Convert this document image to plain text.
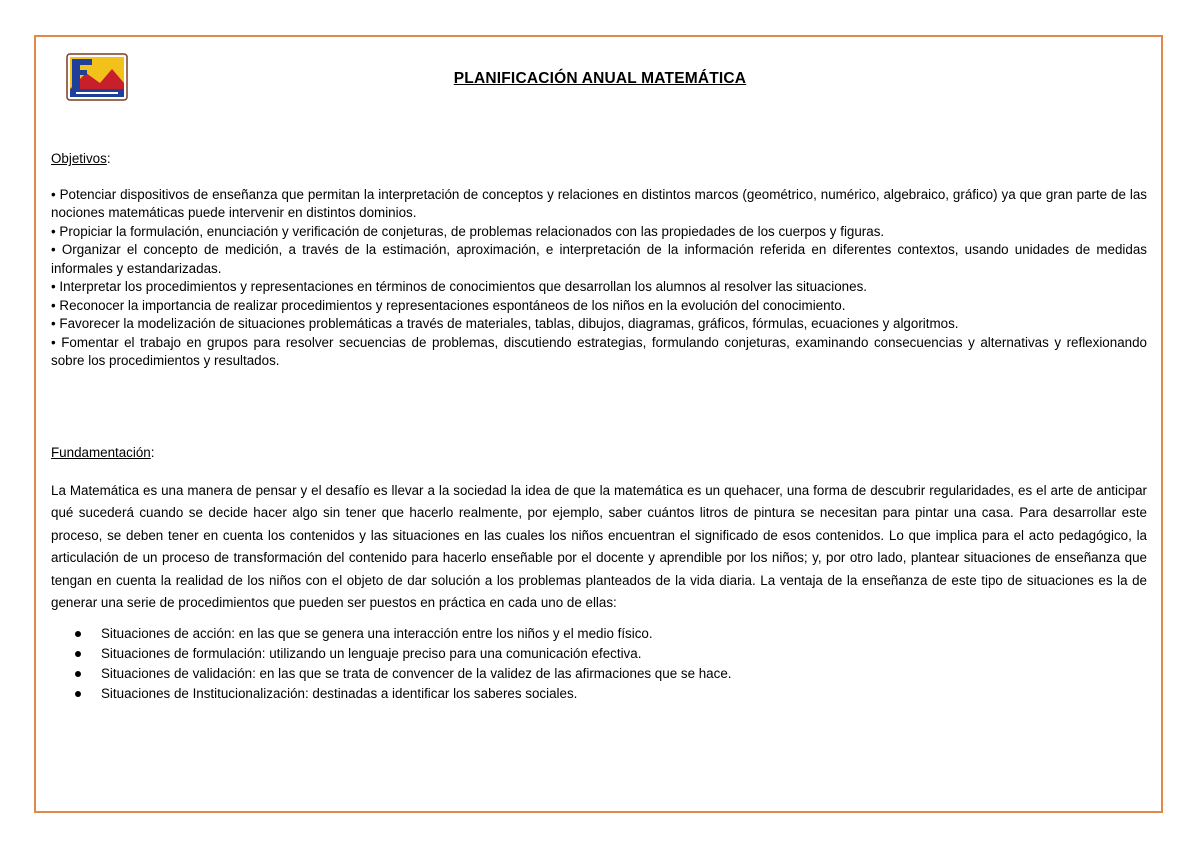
PLANIFICACIÓN ANUAL MATEMÁTICA

Objetivos:

• Potenciar dispositivos de enseñanza que permitan la interpretación de conceptos y relaciones en distintos marcos (geométrico, numérico, algebraico, gráfico) ya que gran parte de las nociones matemáticas puede intervenir en distintos dominios.
• Propiciar la formulación, enunciación y verificación de conjeturas, de problemas relacionados con las propiedades de los cuerpos y figuras.
• Organizar el concepto de medición, a través de la estimación, aproximación, e interpretación de la información referida en diferentes contextos, usando unidades de medidas informales y estandarizadas.
• Interpretar los procedimientos y representaciones en términos de conocimientos que desarrollan los alumnos al resolver las situaciones.
• Reconocer la importancia de realizar procedimientos y representaciones espontáneos de los niños en la evolución del conocimiento.
• Favorecer la modelización de situaciones problemáticas a través de materiales, tablas, dibujos, diagramas, gráficos, fórmulas, ecuaciones y algoritmos.
• Fomentar el trabajo en grupos para resolver secuencias de problemas, discutiendo estrategias, formulando conjeturas, examinando consecuencias y alternativas y reflexionando sobre los procedimientos y resultados.

Fundamentación:

La Matemática es una manera de pensar y el desafío es llevar a la sociedad la idea de que la matemática es un quehacer, una forma de descubrir regularidades, es el arte de anticipar qué sucederá cuando se decide hacer algo sin tener que hacerlo realmente, por ejemplo, saber cuántos litros de pintura se necesitan para pintar una casa. Para desarrollar este proceso, se deben tener en cuenta los contenidos y las situaciones en las cuales los niños encuentran el significado de esos contenidos. Lo que implica para el acto pedagógico, la articulación de un proceso de transformación del contenido para hacerlo enseñable por el docente y aprendible por los niños; y, por otro lado, plantear situaciones de enseñanza que tengan en cuenta la realidad de los niños con el objeto de dar solución a los problemas planteados de la vida diaria. La ventaja de la enseñanza de este tipo de situaciones es la de generar una serie de procedimientos que pueden ser puestos en práctica en cada uno de ellas:

Situaciones de acción: en las que se genera una interacción entre los niños y el medio físico.
Situaciones de formulación: utilizando un lenguaje preciso para una comunicación efectiva.
Situaciones de validación: en las que se trata de convencer de la validez de las afirmaciones que se hace.
Situaciones de Institucionalización: destinadas a identificar los saberes sociales.
